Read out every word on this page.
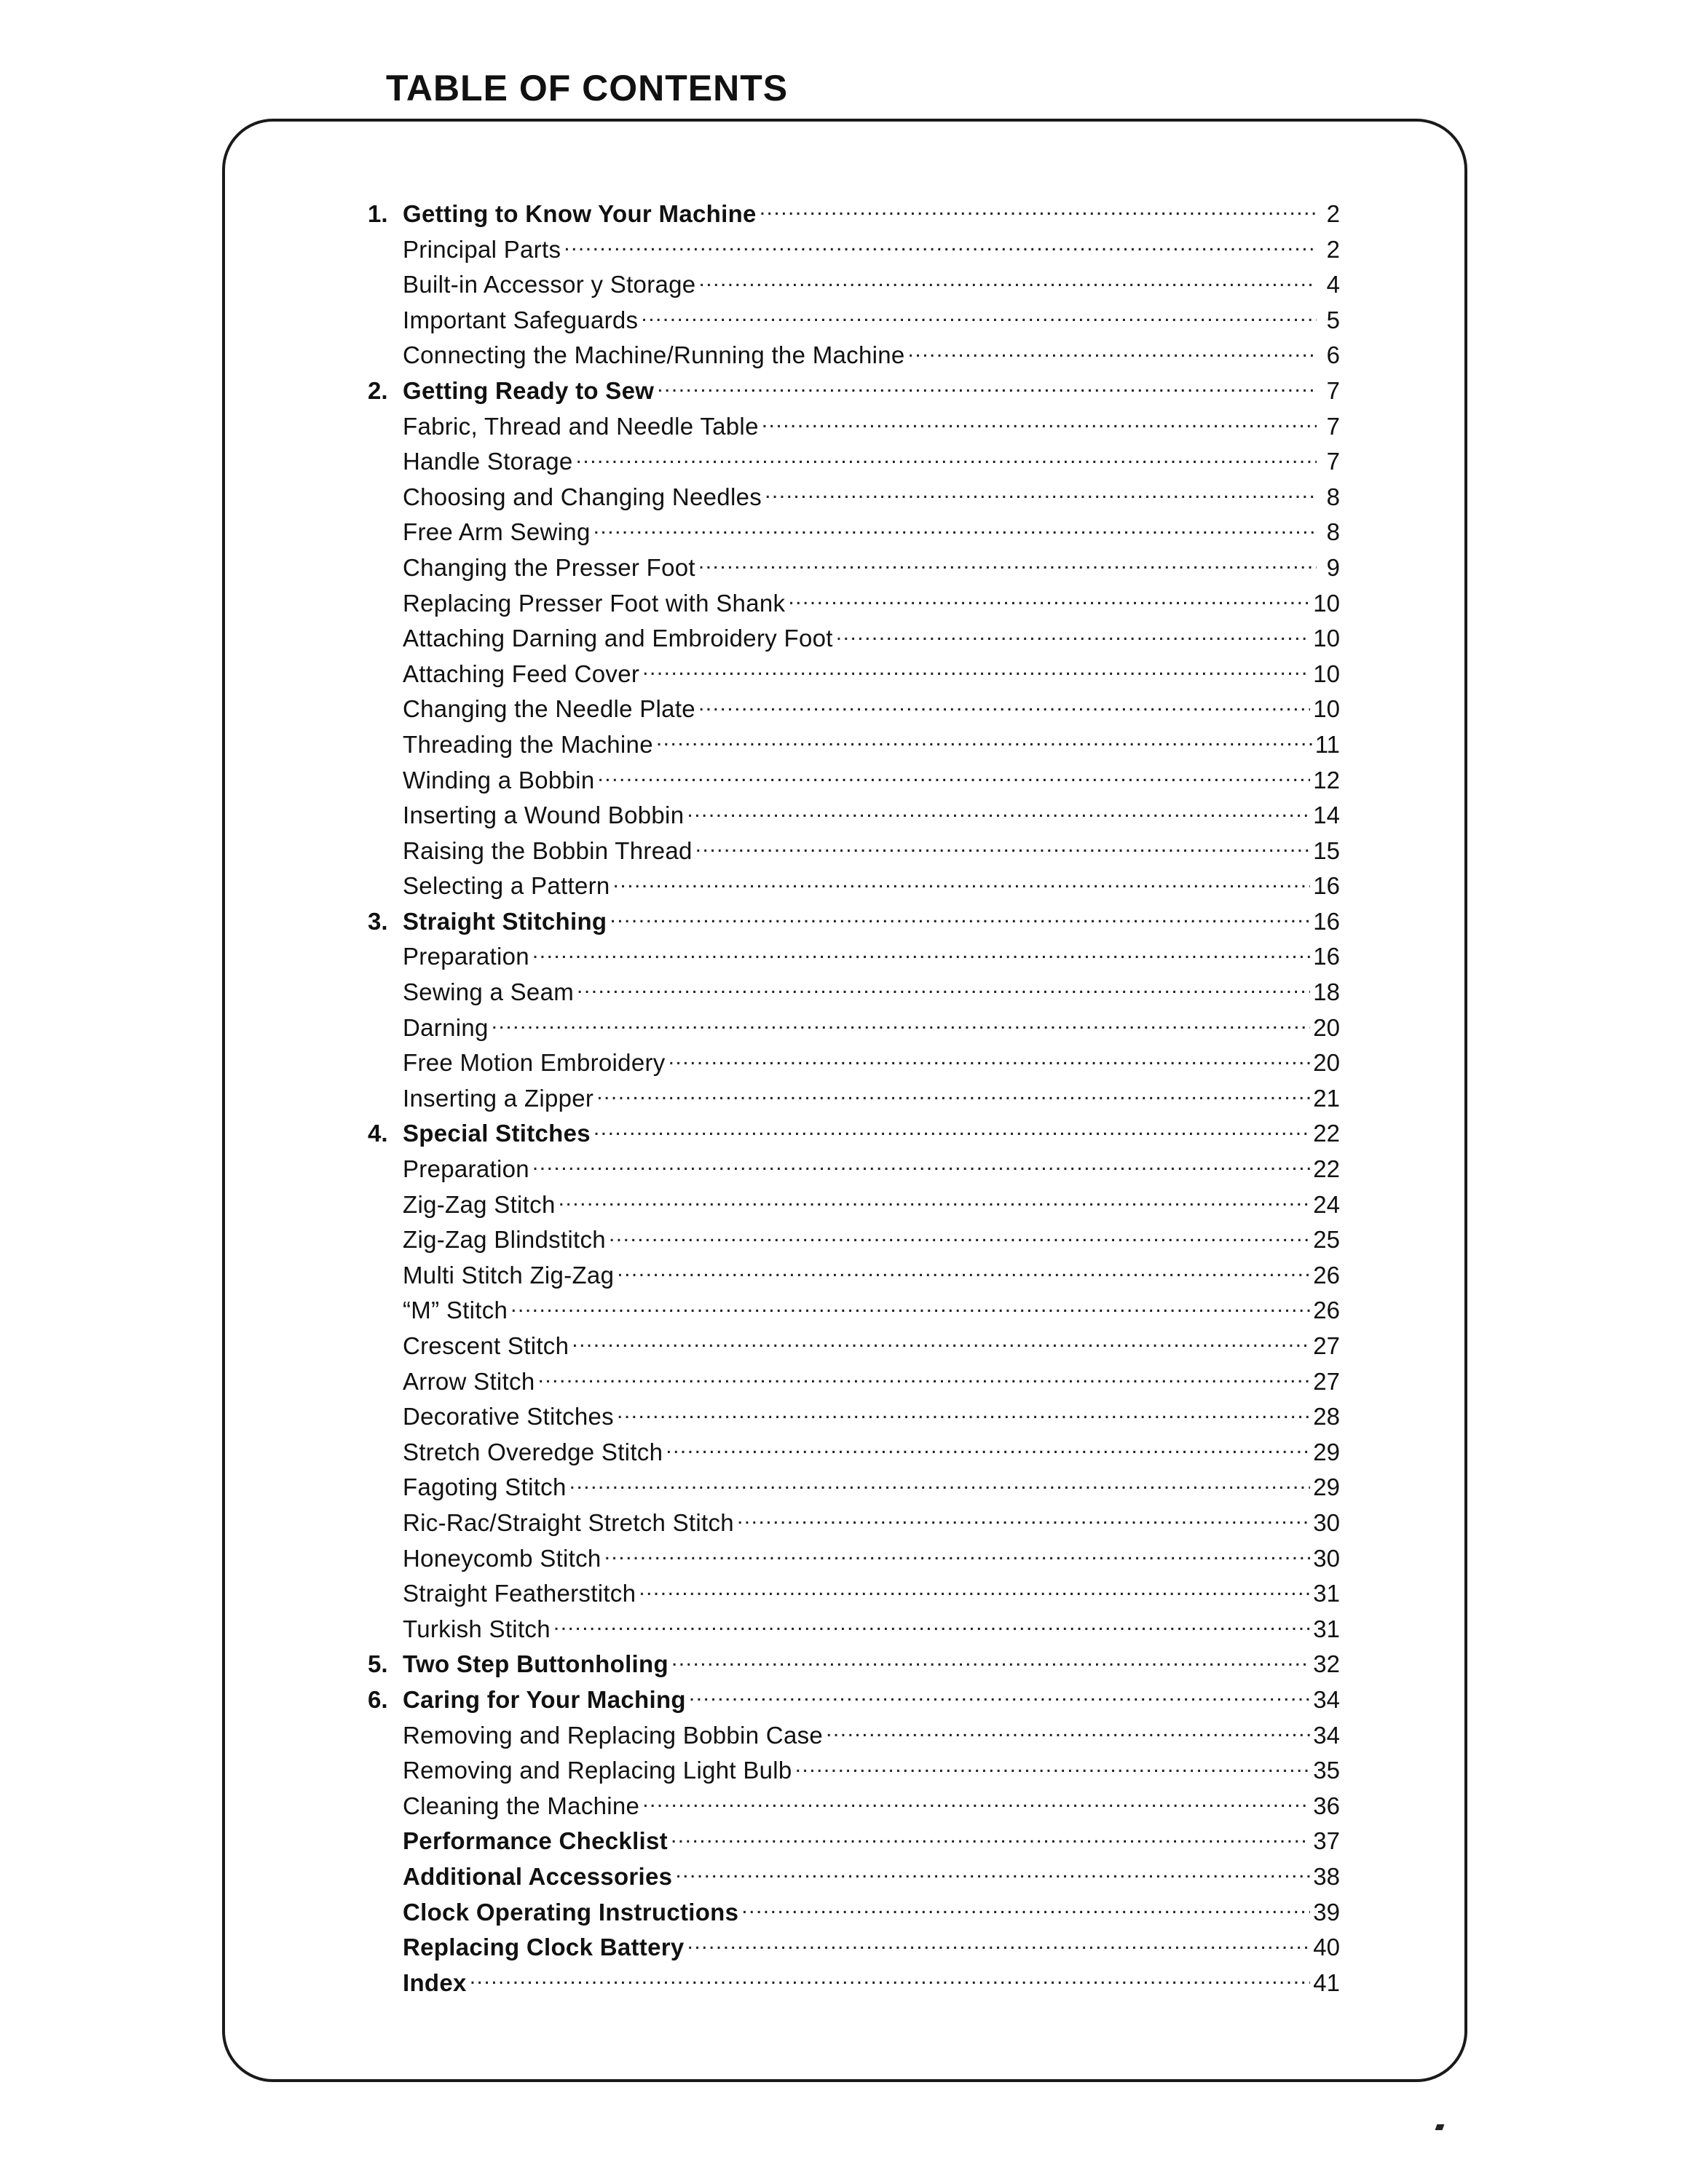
TABLE OF CONTENTS
1. Getting to Know Your Machine .....	2
Principal Parts .....	2
Built-in Accessor y Storage .....	4
Important Safeguards .....	5
Connecting the Machine/Running the Machine .....	6
2. Getting Ready to Sew .....	7
Fabric, Thread and Needle Table .....	7
Handle Storage .....	7
Choosing and Changing Needles .....	8
Free Arm Sewing .....	8
Changing the Presser Foot .....	9
Replacing Presser Foot with Shank .....	10
Attaching Darning and Embroidery Foot .....	10
Attaching Feed Cover .....	10
Changing the Needle Plate .....	10
Threading the Machine .....	11
Winding a Bobbin .....	12
Inserting a Wound Bobbin .....	14
Raising the Bobbin Thread .....	15
Selecting a Pattern .....	16
3. Straight Stitching .....	16
Preparation .....	16
Sewing a Seam .....	18
Darning .....	20
Free Motion Embroidery .....	20
Inserting a Zipper .....	21
4. Special Stitches .....	22
Preparation .....	22
Zig-Zag Stitch .....	24
Zig-Zag Blindstitch .....	25
Multi Stitch Zig-Zag .....	26
“M” Stitch .....	26
Crescent Stitch .....	27
Arrow Stitch .....	27
Decorative Stitches .....	28
Stretch Overedge Stitch .....	29
Fagoting Stitch .....	29
Ric-Rac/Straight Stretch Stitch .....	30
Honeycomb Stitch .....	30
Straight Featherstitch .....	31
Turkish Stitch .....	31
5. Two Step Buttonholing .....	32
6. Caring for Your Maching .....	34
Removing and Replacing Bobbin Case .....	34
Removing and Replacing Light Bulb .....	35
Cleaning the Machine .....	36
Performance Checklist .....	37
Additional Accessories .....	38
Clock Operating Instructions .....	39
Replacing Clock Battery .....	40
Index .....	41
